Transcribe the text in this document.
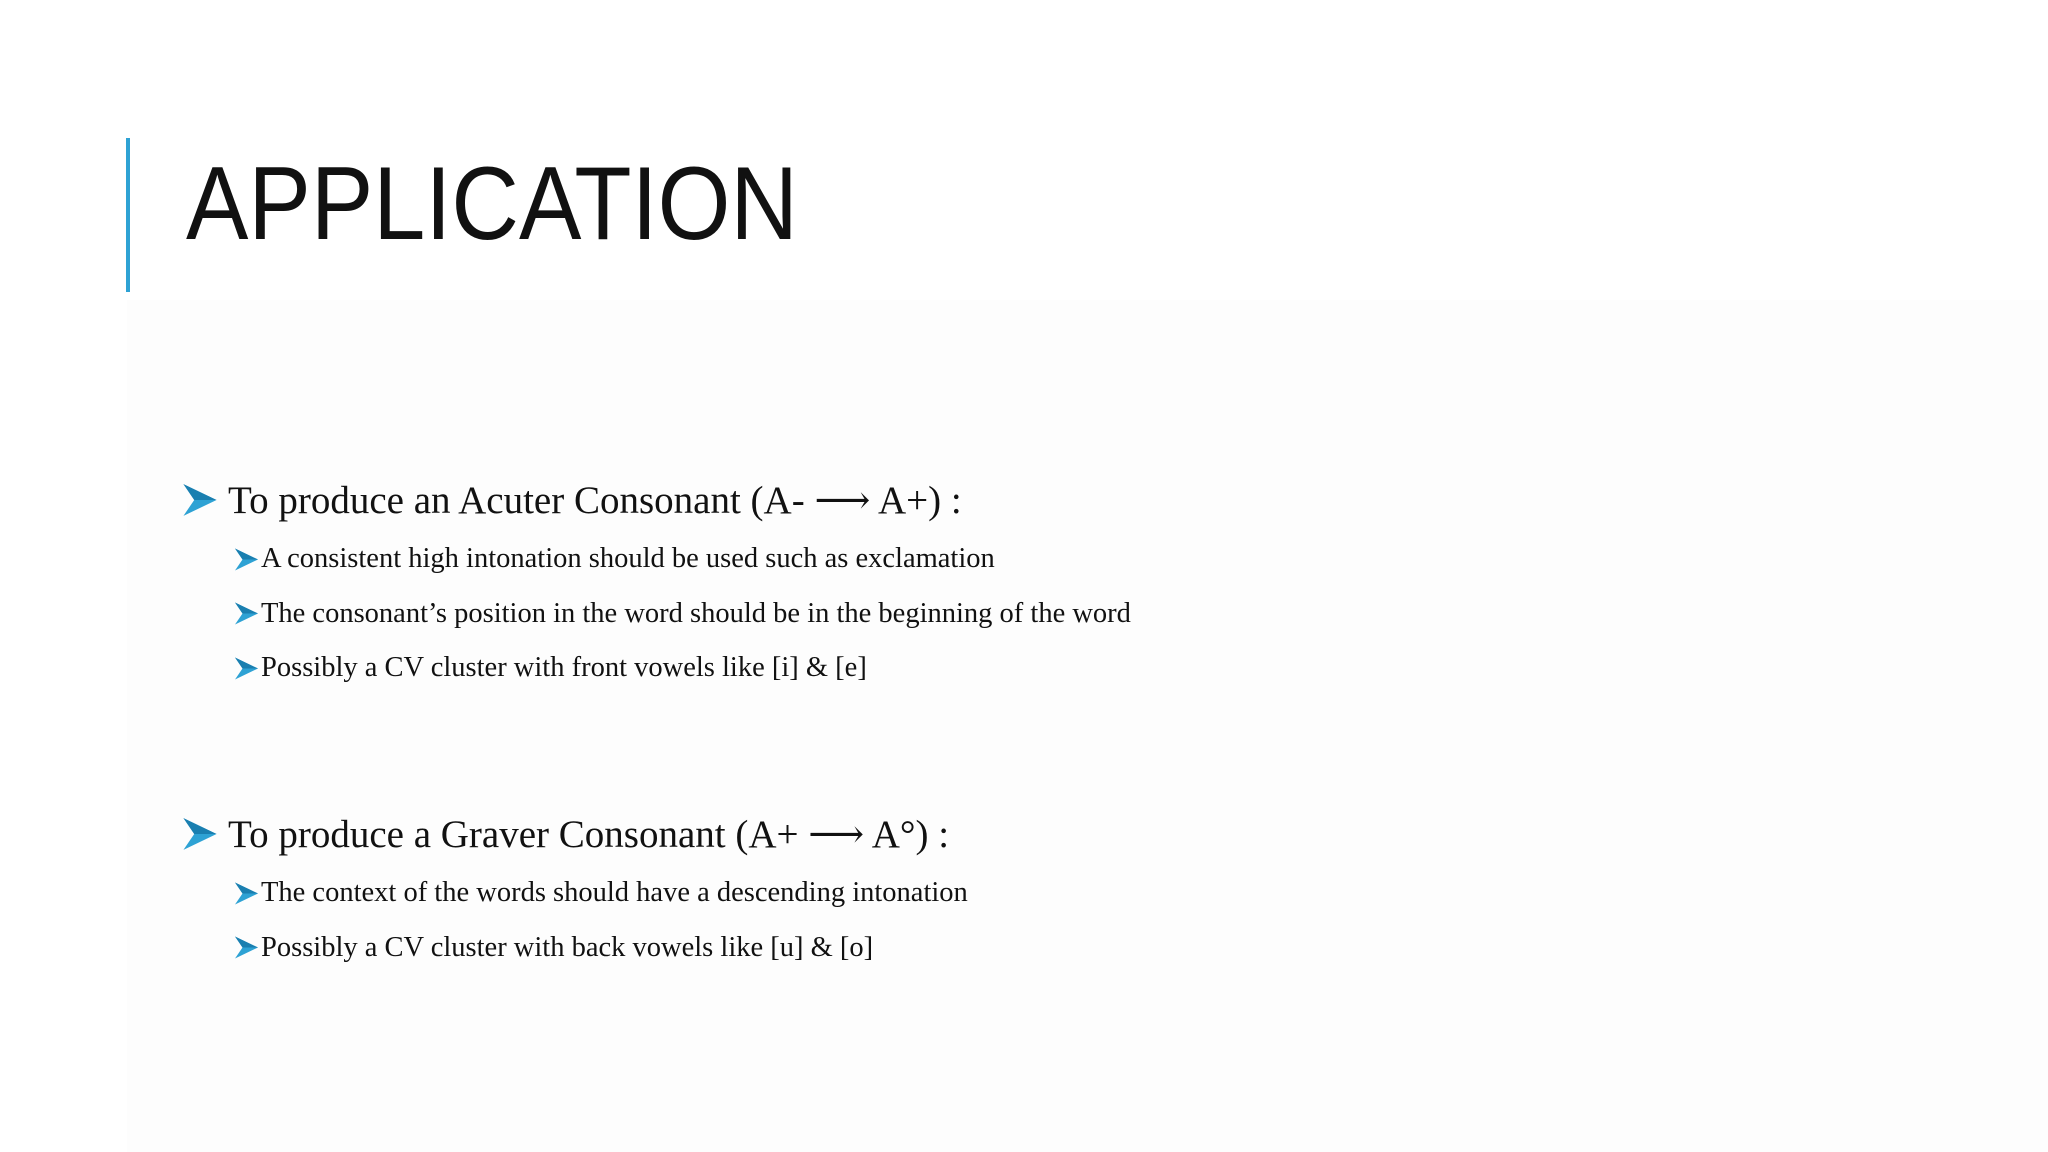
APPLICATION
To produce an Acuter Consonant (A- ⟶ A+) :
A consistent high intonation should be used such as exclamation
The consonant’s position in the word should be in the beginning of the word
Possibly a CV cluster with front vowels like [i] & [e]
To produce a Graver Consonant (A+ ⟶ A°) :
The context of the words should have a descending intonation
Possibly a CV cluster with back vowels like [u] & [o]
